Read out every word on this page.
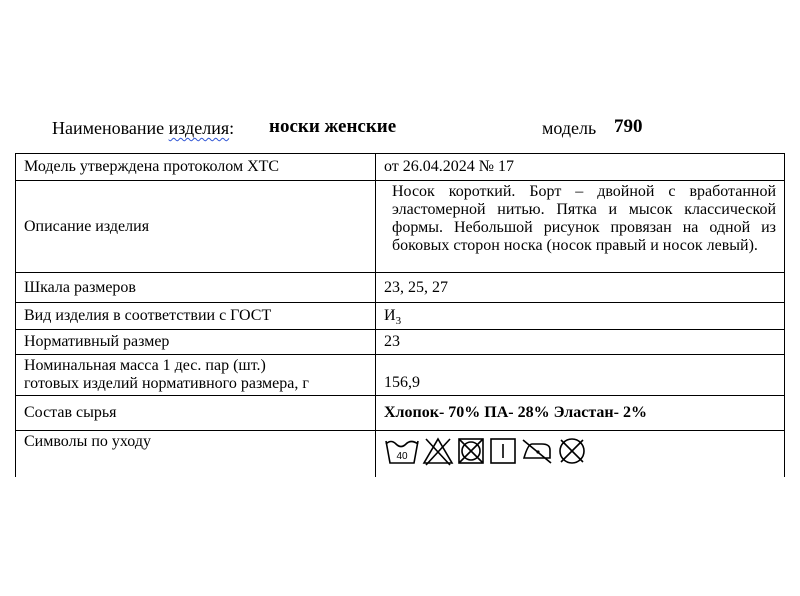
Наименование изделия: носки женские	модель 790
Модель утверждена протоколом ХТС	от 26.04.2024 № 17
Описание изделия	Носок короткий. Борт – двойной с вработанной эластомерной нитью. Пятка и мысок классической формы. Небольшой рисунок провязан на одной из боковых сторон носка (носок правый и носок левый).
Шкала размеров	23, 25, 27
Вид изделия в соответствии с ГОСТ	$И_3$
Нормативный размер	23

Номинальная масса 1 дес. пар (шт.)
готовых изделий нормативного размера, г	156,9
Состав сырья	Хлопок- 70% ПА- 28% Эластан- 2%
Символы по уходу	40
